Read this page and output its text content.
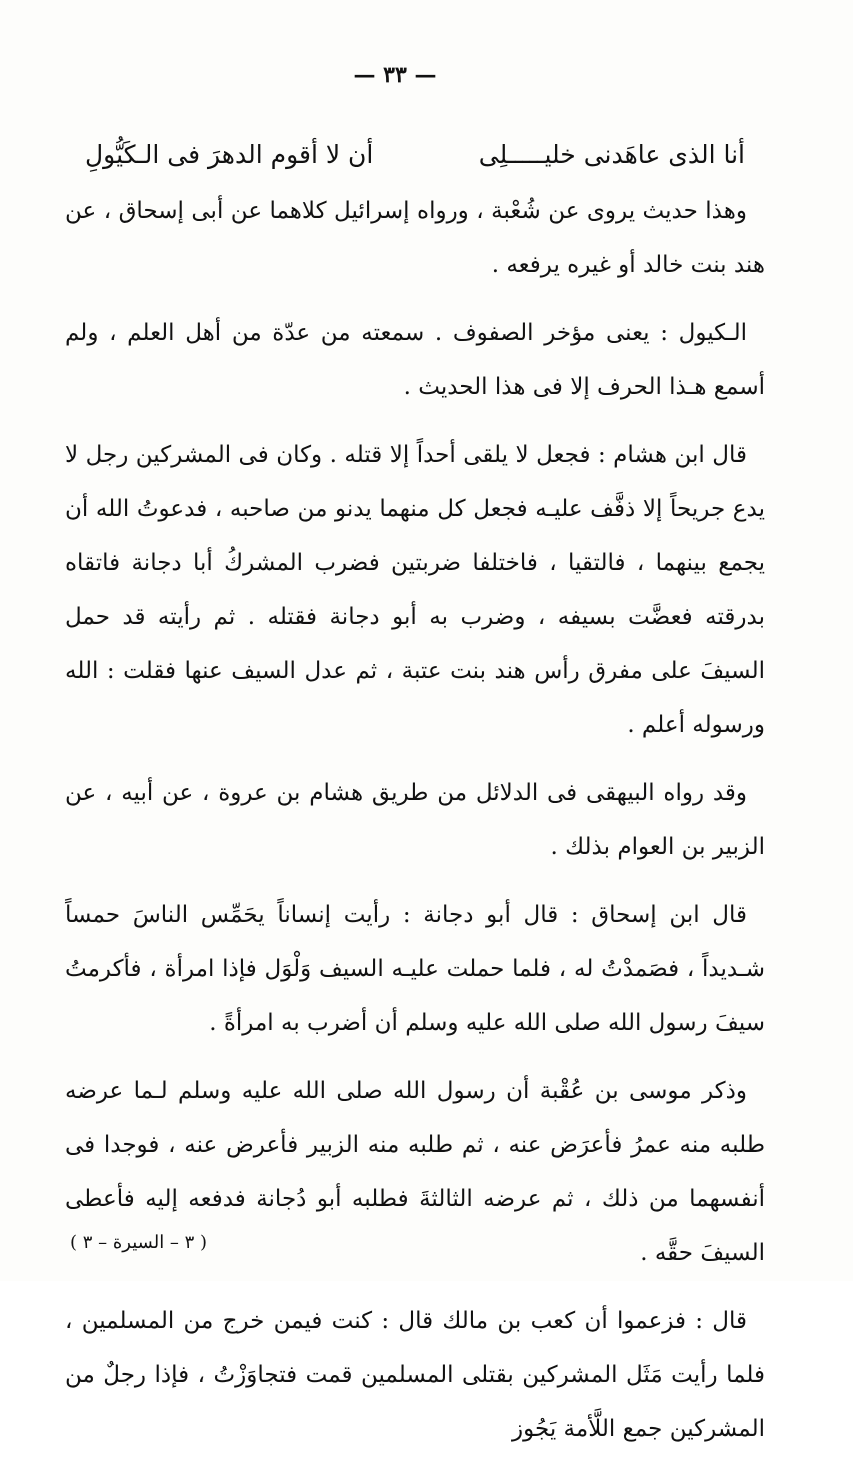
— ٣٣ —
أنا الذى عاهَدنى خليـــــلِى
أن لا أقوم الدهرَ فى الـكَيُّولِ

وهذا حديث يروى عن شُعْبة ، ورواه إسرائيل كلاهما عن أبى إسحاق ، عن هند بنت خالد أو غيره يرفعه .

الـكيول : يعنى مؤخر الصفوف . سمعته من عدّة من أهل العلم ، ولم أسمع هـذا الحرف إلا فى هذا الحديث .

قال ابن هشام : فجعل لا يلقى أحداً إلا قتله . وكان فى المشركين رجل لا يدع جريحاً إلا ذفَّف عليـه فجعل كل منهما يدنو من صاحبه ، فدعوتُ الله أن يجمع بينهما ، فالتقيا ، فاختلفا ضربتين فضرب المشركُ أبا دجانة فاتقاه بدرقته فعضَّت بسيفه ، وضرب به أبو دجانة فقتله . ثم رأيته قد حمل السيفَ على مفرق رأس هند بنت عتبة ، ثم عدل السيف عنها فقلت : الله ورسوله أعلم .

وقد رواه البيهقى فى الدلائل من طريق هشام بن عروة ، عن أبيه ، عن الزبير بن العوام بذلك .

قال ابن إسحاق : قال أبو دجانة : رأيت إنساناً يحَمِّس الناسَ حمساً شـديداً ، فصَمدْتُ له ، فلما حملت عليـه السيف وَلْوَل فإذا امرأة ، فأكرمتُ سيفَ رسول الله صلى الله عليه وسلم أن أضرب به امرأةً .

وذكر موسى بن عُقْبة أن رسول الله صلى الله عليه وسلم لـما عرضه طلبه منه عمرُ فأعرَض عنه ، ثم طلبه منه الزبير فأعرض عنه ، فوجدا فى أنفسهما من ذلك ، ثم عرضه الثالثةَ فطلبه أبو دُجانة فدفعه إليه فأعطى السيفَ حقَّه .

قال : فزعموا أن كعب بن مالك قال : كنت فيمن خرج من المسلمين ، فلما رأيت مَثَل المشركين بقتلى المسلمين قمت فتجاوَزْتُ ، فإذا رجلٌ من المشركين جمع اللَّأمة يَجُوز

( ٣ – السيرة – ٣ )
